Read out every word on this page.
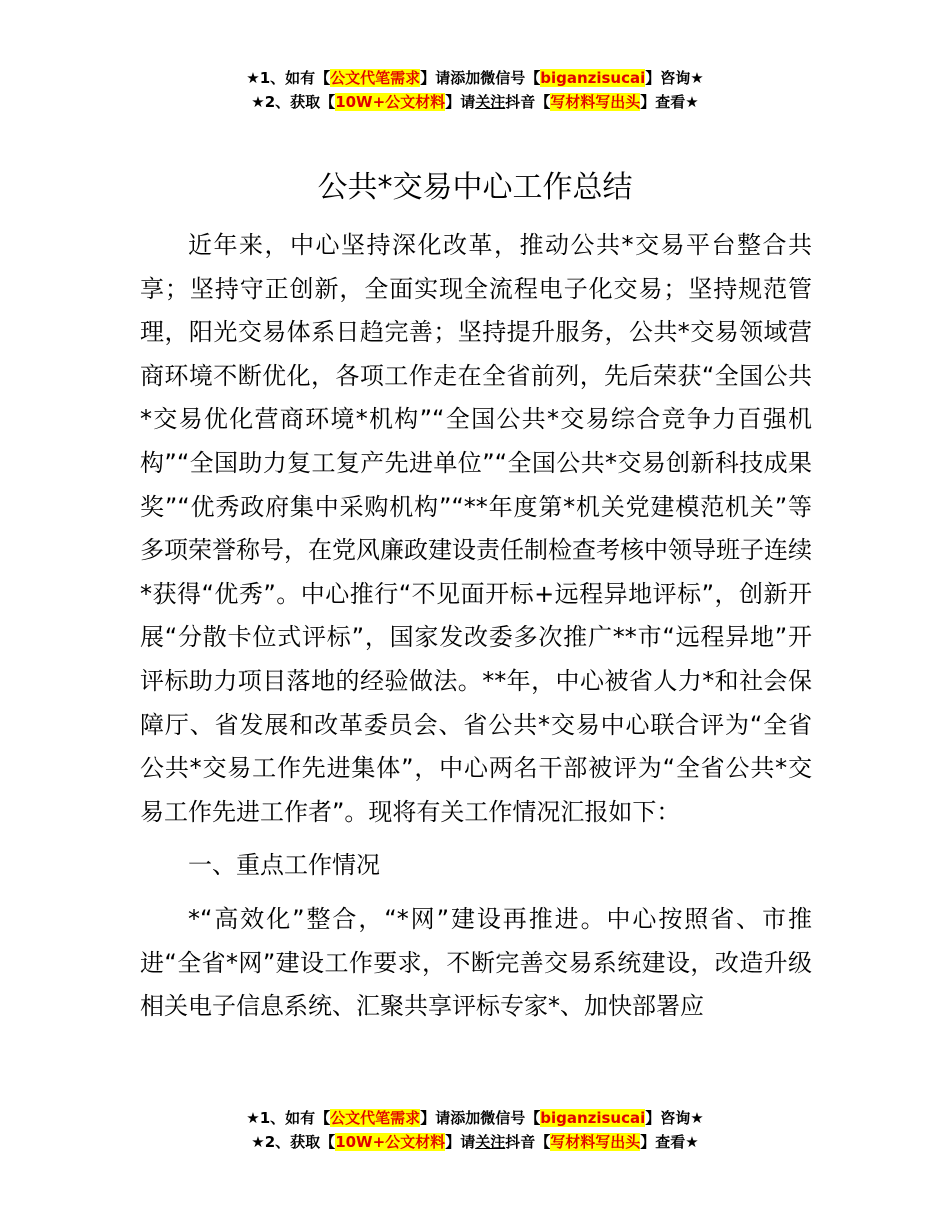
★1、如有【公文代笔需求】请添加微信号【biganzisucai】咨询★
★2、获取【10W+公文材料】请关注抖音【写材料写出头】查看★
公共*交易中心工作总结

近年来，中心坚持深化改革，推动公共*交易平台整合共享；坚持守正创新，全面实现全流程电子化交易；坚持规范管理，阳光交易体系日趋完善；坚持提升服务，公共*交易领域营商环境不断优化，各项工作走在全省前列，先后荣获“全国公共*交易优化营商环境*机构”“全国公共*交易综合竞争力百强机构”“全国助力复工复产先进单位”“全国公共*交易创新科技成果奖”“优秀政府集中采购机构”“**年度第*机关党建模范机关”等多项荣誉称号，在党风廉政建设责任制检查考核中领导班子连续*获得“优秀”。中心推行“不见面开标+远程异地评标”，创新开展“分散卡位式评标”，国家发改委多次推广**市“远程异地”开评标助力项目落地的经验做法。**年，中心被省人力*和社会保障厅、省发展和改革委员会、省公共*交易中心联合评为“全省公共*交易工作先进集体”，中心两名干部被评为“全省公共*交易工作先进工作者”。现将有关工作情况汇报如下：

一、重点工作情况

*“高效化”整合，“*网”建设再推进。中心按照省、市推进“全省*网”建设工作要求，不断完善交易系统建设，改造升级相关电子信息系统、汇聚共享评标专家*、加快部署应

★1、如有【公文代笔需求】请添加微信号【biganzisucai】咨询★
★2、获取【10W+公文材料】请关注抖音【写材料写出头】查看★
